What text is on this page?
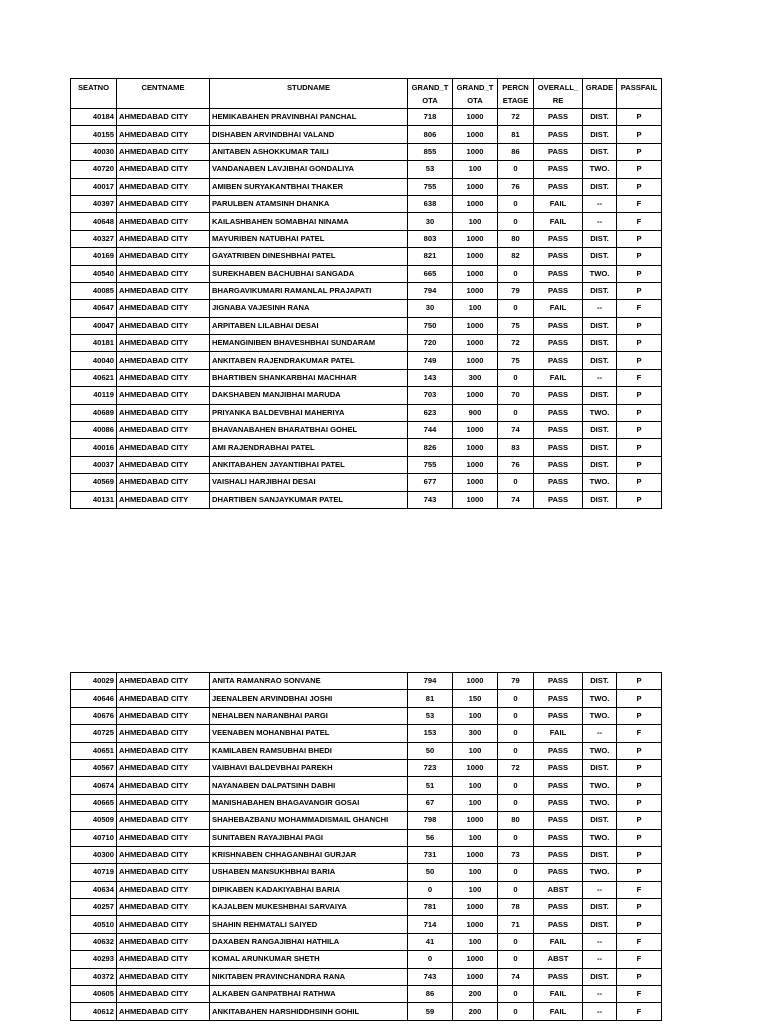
SEATNO	CENTNAME	STUDNAME	GRAND_TOTA	GRAND_TOTA	PERCNETAGE	OVERALL_RE	GRADE	PASSFAIL
40184	AHMEDABAD CITY	HEMIKABAHEN PRAVINBHAI PANCHAL	718	1000	72	PASS	DIST.	P
40155	AHMEDABAD CITY	DISHABEN ARVINDBHAI VALAND	806	1000	81	PASS	DIST.	P
40030	AHMEDABAD CITY	ANITABEN ASHOKKUMAR TAILI	855	1000	86	PASS	DIST.	P
40720	AHMEDABAD CITY	VANDANABEN LAVJIBHAI GONDALIYA	53	100	0	PASS	TWO.	P
40017	AHMEDABAD CITY	AMIBEN SURYAKANTBHAI THAKER	755	1000	76	PASS	DIST.	P
40397	AHMEDABAD CITY	PARULBEN ATAMSINH DHANKA	638	1000	0	FAIL	--	F
40648	AHMEDABAD CITY	KAILASHBAHEN SOMABHAI NINAMA	30	100	0	FAIL	--	F
40327	AHMEDABAD CITY	MAYURIBEN NATUBHAI PATEL	803	1000	80	PASS	DIST.	P
40169	AHMEDABAD CITY	GAYATRIBEN DINESHBHAI PATEL	821	1000	82	PASS	DIST.	P
40540	AHMEDABAD CITY	SUREKHABEN BACHUBHAI SANGADA	665	1000	0	PASS	TWO.	P
40085	AHMEDABAD CITY	BHARGAVIKUMARI RAMANLAL PRAJAPATI	794	1000	79	PASS	DIST.	P
40647	AHMEDABAD CITY	JIGNABA VAJESINH RANA	30	100	0	FAIL	--	F
40047	AHMEDABAD CITY	ARPITABEN LILABHAI DESAI	750	1000	75	PASS	DIST.	P
40181	AHMEDABAD CITY	HEMANGINIBEN BHAVESHBHAI SUNDARAM	720	1000	72	PASS	DIST.	P
40040	AHMEDABAD CITY	ANKITABEN RAJENDRAKUMAR PATEL	749	1000	75	PASS	DIST.	P
40621	AHMEDABAD CITY	BHARTIBEN SHANKARBHAI MACHHAR	143	300	0	FAIL	--	F
40119	AHMEDABAD CITY	DAKSHABEN MANJIBHAI MARUDA	703	1000	70	PASS	DIST.	P
40689	AHMEDABAD CITY	PRIYANKA BALDEVBHAI MAHERIYA	623	900	0	PASS	TWO.	P
40086	AHMEDABAD CITY	BHAVANABAHEN BHARATBHAI GOHEL	744	1000	74	PASS	DIST.	P
40016	AHMEDABAD CITY	AMI RAJENDRABHAI PATEL	826	1000	83	PASS	DIST.	P
40037	AHMEDABAD CITY	ANKITABAHEN JAYANTIBHAI PATEL	755	1000	76	PASS	DIST.	P
40569	AHMEDABAD CITY	VAISHALI HARJIBHAI DESAI	677	1000	0	PASS	TWO.	P
40131	AHMEDABAD CITY	DHARTIBEN SANJAYKUMAR PATEL	743	1000	74	PASS	DIST.	P
40029	AHMEDABAD CITY	ANITA RAMANRAO SONVANE	794	1000	79	PASS	DIST.	P
40646	AHMEDABAD CITY	JEENALBEN ARVINDBHAI JOSHI	81	150	0	PASS	TWO.	P
40676	AHMEDABAD CITY	NEHALBEN NARANBHAI PARGI	53	100	0	PASS	TWO.	P
40725	AHMEDABAD CITY	VEENABEN MOHANBHAI PATEL	153	300	0	FAIL	--	F
40651	AHMEDABAD CITY	KAMILABEN RAMSUBHAI BHEDI	50	100	0	PASS	TWO.	P
40567	AHMEDABAD CITY	VAIBHAVI BALDEVBHAI PAREKH	723	1000	72	PASS	DIST.	P
40674	AHMEDABAD CITY	NAYANABEN DALPATSINH DABHI	51	100	0	PASS	TWO.	P
40665	AHMEDABAD CITY	MANISHABAHEN BHAGAVANGIR GOSAI	67	100	0	PASS	TWO.	P
40509	AHMEDABAD CITY	SHAHEBAZBANU MOHAMMADISMAIL GHANCHI	798	1000	80	PASS	DIST.	P
40710	AHMEDABAD CITY	SUNITABEN RAYAJIBHAI PAGI	56	100	0	PASS	TWO.	P
40300	AHMEDABAD CITY	KRISHNABEN CHHAGANBHAI GURJAR	731	1000	73	PASS	DIST.	P
40719	AHMEDABAD CITY	USHABEN MANSUKHBHAI BARIA	50	100	0	PASS	TWO.	P
40634	AHMEDABAD CITY	DIPIKABEN KADAKIYABHAI BARIA	0	100	0	ABST	--	F
40257	AHMEDABAD CITY	KAJALBEN MUKESHBHAI SARVAIYA	781	1000	78	PASS	DIST.	P
40510	AHMEDABAD CITY	SHAHIN REHMATALI SAIYED	714	1000	71	PASS	DIST.	P
40632	AHMEDABAD CITY	DAXABEN RANGAJIBHAI HATHILA	41	100	0	FAIL	--	F
40293	AHMEDABAD CITY	KOMAL ARUNKUMAR SHETH	0	1000	0	ABST	--	F
40372	AHMEDABAD CITY	NIKITABEN PRAVINCHANDRA RANA	743	1000	74	PASS	DIST.	P
40605	AHMEDABAD CITY	ALKABEN GANPATBHAI RATHWA	86	200	0	FAIL	--	F
40612	AHMEDABAD CITY	ANKITABAHEN HARSHIDDHSINH GOHIL	59	200	0	FAIL	--	F
